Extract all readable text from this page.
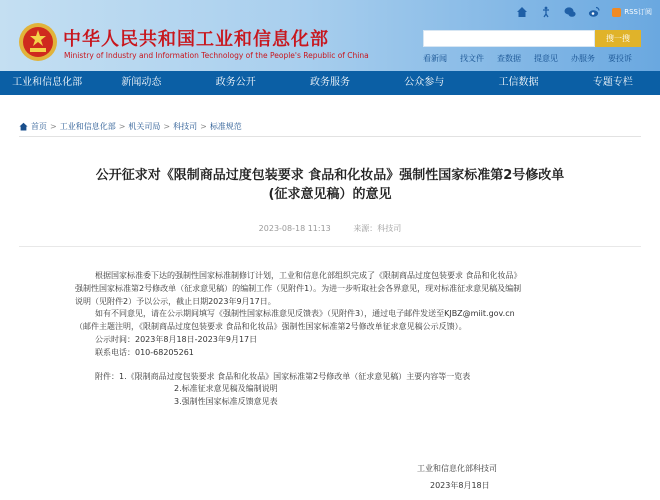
中华人民共和国工业和信息化部
Ministry of Industry and Information Technology of the People's Republic of China
RSS订阅
搜一搜
看新闻 找文件 查数据 提意见 办服务 要投诉
工业和信息化部	新闻动态	政务公开	政务服务	公众参与	工信数据	专题专栏
首页 > 工业和信息化部 > 机关司局 > 科技司 > 标准规范
公开征求对《限制商品过度包装要求 食品和化妆品》强制性国家标准第2号修改单
(征求意见稿）的意见
2023-08-18 11:13	来源：科技司
根据国家标准委下达的强制性国家标准制修订计划，工业和信息化部组织完成了《限制商品过度包装要求 食品和化妆品》
强制性国家标准第2号修改单（征求意见稿）的编制工作（见附件1）。为进一步听取社会各界意见，现对标准征求意见稿及编制
说明（见附件2）予以公示，截止日期2023年9月17日。
如有不同意见，请在公示期间填写《强制性国家标准意见反馈表》（见附件3），通过电子邮件发送至KJBZ@miit.gov.cn
（邮件主题注明，《限制商品过度包装要求 食品和化妆品》强制性国家标准第2号修改单征求意见稿公示反馈）。
公示时间：2023年8月18日-2023年9月17日
联系电话：010-68205261
附件：1.《限制商品过度包装要求 食品和化妆品》国家标准第2号修改单（征求意见稿）主要内容等一览表
2.标准征求意见稿及编制说明
3.强制性国家标准反馈意见表
工业和信息化部科技司
2023年8月18日
